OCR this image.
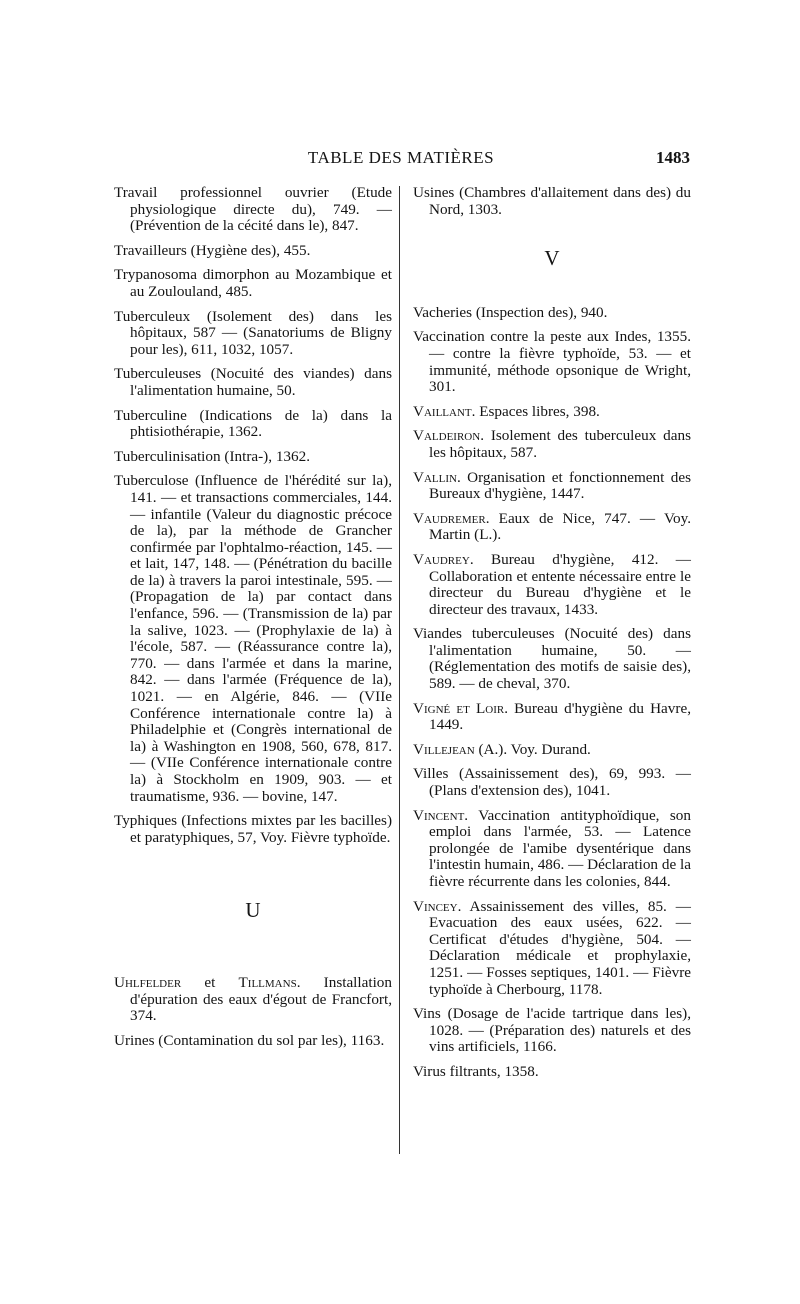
TABLE DES MATIÈRES	1483

Travail professionnel ouvrier (Etude physiologique directe du), 749. — (Prévention de la cécité dans le), 847.

Travailleurs (Hygiène des), 455.

Trypanosoma dimorphon au Mozambique et au Zoulouland, 485.

Tuberculeux (Isolement des) dans les hôpitaux, 587 — (Sanatoriums de Bligny pour les), 611, 1032, 1057.

Tuberculeuses (Nocuité des viandes) dans l'alimentation humaine, 50.

Tuberculine (Indications de la) dans la phtisiothérapie, 1362.

Tuberculinisation (Intra-), 1362.

Tuberculose (Influence de l'hérédité sur la), 141. — et transactions commerciales, 144. — infantile (Valeur du diagnostic précoce de la), par la méthode de Grancher confirmée par l'ophtalmo-réaction, 145. — et lait, 147, 148. — (Pénétration du bacille de la) à travers la paroi intestinale, 595. — (Propagation de la) par contact dans l'enfance, 596. — (Transmission de la) par la salive, 1023. — (Prophylaxie de la) à l'école, 587. — (Réassurance contre la), 770. — dans l'armée et dans la marine, 842. — dans l'armée (Fréquence de la), 1021. — en Algérie, 846. — (VIIe Conférence internationale contre la) à Philadelphie et (Congrès international de la) à Washington en 1908, 560, 678, 817. — (VIIe Conférence internationale contre la) à Stockholm en 1909, 903. — et traumatisme, 936. — bovine, 147.

Typhiques (Infections mixtes par les bacilles) et paratyphiques, 57, Voy. Fièvre typhoïde.

U

Uhlfelder et Tillmans. Installation d'épuration des eaux d'égout de Francfort, 374.

Urines (Contamination du sol par les), 1163.

Usines (Chambres d'allaitement dans des) du Nord, 1303.

V

Vacheries (Inspection des), 940.

Vaccination contre la peste aux Indes, 1355. — contre la fièvre typhoïde, 53. — et immunité, méthode opsonique de Wright, 301.

Vaillant. Espaces libres, 398.

Valdeiron. Isolement des tuberculeux dans les hôpitaux, 587.

Vallin. Organisation et fonctionnement des Bureaux d'hygiène, 1447.

Vaudremer. Eaux de Nice, 747. — Voy. Martin (L.).

Vaudrey. Bureau d'hygiène, 412. — Collaboration et entente nécessaire entre le directeur du Bureau d'hygiène et le directeur des travaux, 1433.

Viandes tuberculeuses (Nocuité des) dans l'alimentation humaine, 50. — (Réglementation des motifs de saisie des), 589. — de cheval, 370.

Vigné et Loir. Bureau d'hygiène du Havre, 1449.

Villejean (A.). Voy. Durand.

Villes (Assainissement des), 69, 993. — (Plans d'extension des), 1041.

Vincent. Vaccination antityphoïdique, son emploi dans l'armée, 53. — Latence prolongée de l'amibe dysentérique dans l'intestin humain, 486. — Déclaration de la fièvre récurrente dans les colonies, 844.

Vincey. Assainissement des villes, 85. — Evacuation des eaux usées, 622. — Certificat d'études d'hygiène, 504. — Déclaration médicale et prophylaxie, 1251. — Fosses septiques, 1401. — Fièvre typhoïde à Cherbourg, 1178.

Vins (Dosage de l'acide tartrique dans les), 1028. — (Préparation des) naturels et des vins artificiels, 1166.

Virus filtrants, 1358.
